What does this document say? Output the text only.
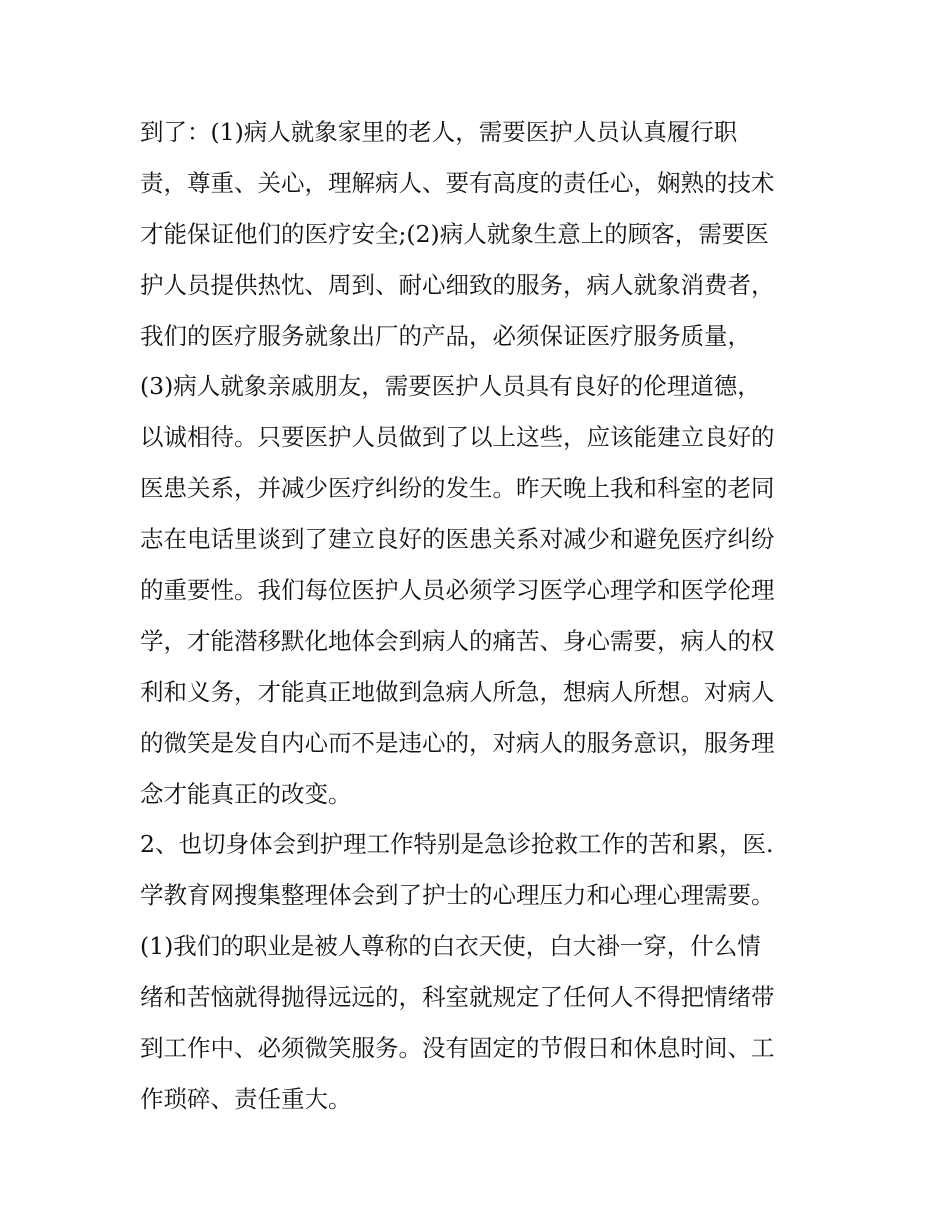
到了：(1)病人就象家里的老人，需要医护人员认真履行职
责，尊重、关心，理解病人、要有高度的责任心，娴熟的技术
才能保证他们的医疗安全;(2)病人就象生意上的顾客，需要医
护人员提供热忱、周到、耐心细致的服务，病人就象消费者，
我们的医疗服务就象出厂的产品，必须保证医疗服务质量，
(3)病人就象亲戚朋友，需要医护人员具有良好的伦理道德，
以诚相待。只要医护人员做到了以上这些，应该能建立良好的
医患关系，并减少医疗纠纷的发生。昨天晚上我和科室的老同
志在电话里谈到了建立良好的医患关系对减少和避免医疗纠纷
的重要性。我们每位医护人员必须学习医学心理学和医学伦理
学，才能潜移默化地体会到病人的痛苦、身心需要，病人的权
利和义务，才能真正地做到急病人所急，想病人所想。对病人
的微笑是发自内心而不是违心的，对病人的服务意识，服务理
念才能真正的改变。
2、也切身体会到护理工作特别是急诊抢救工作的苦和累，医.
学教育网搜集整理体会到了护士的心理压力和心理心理需要。
(1)我们的职业是被人尊称的白衣天使，白大褂一穿，什么情
绪和苦恼就得抛得远远的，科室就规定了任何人不得把情绪带
到工作中、必须微笑服务。没有固定的节假日和休息时间、工
作琐碎、责任重大。
